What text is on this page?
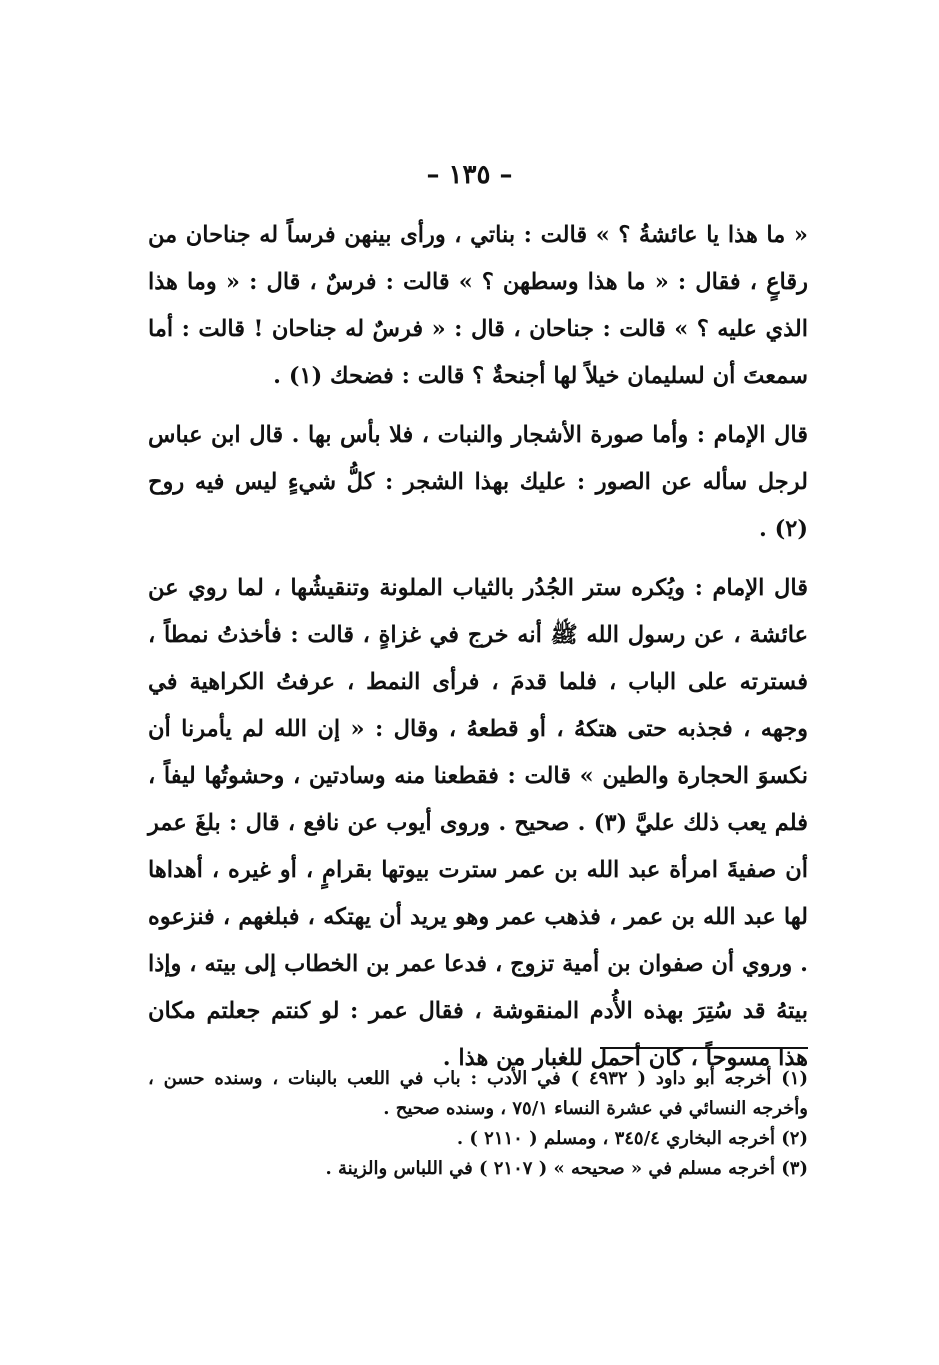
– ١٣٥ –

« ما هذا يا عائشةُ ؟ » قالت : بناتي ، ورأى بينهن فرساً له جناحان من رقاعٍ ، فقال : « ما هذا وسطهن ؟ » قالت : فرسٌ ، قال : « وما هذا الذي عليه ؟ » قالت : جناحان ، قال : « فرسٌ له جناحان ! قالت : أما سمعتَ أن لسليمان خيلاً لها أجنحةٌ ؟ قالت : فضحك (١) .

قال الإمام : وأما صورة الأشجار والنبات ، فلا بأس بها . قال ابن عباس لرجل سأله عن الصور : عليك بهذا الشجر : كلُّ شيءٍ ليس فيه روح (٢) .

قال الإمام : ويُكره ستر الجُدُر بالثياب الملونة وتنقيشُها ، لما روي عن عائشة ، عن رسول الله ﷺ أنه خرج في غزاةٍ ، قالت : فأخذتُ نمطاً ، فسترته على الباب ، فلما قدمَ ، فرأى النمط ، عرفتُ الكراهية في وجهه ، فجذبه حتى هتكهُ ، أو قطعهُ ، وقال : « إن الله لم يأمرنا أن نكسوَ الحجارة والطين » قالت : فقطعنا منه وسادتين ، وحشوتُها ليفاً ، فلم يعب ذلك عليَّ (٣) . صحيح . وروى أيوب عن نافع ، قال : بلغَ عمر أن صفيةَ امرأة عبد الله بن عمر سترت بيوتها بقرامٍ ، أو غيره ، أهداها لها عبد الله بن عمر ، فذهب عمر وهو يريد أن يهتكه ، فبلغهم ، فنزعوه . وروي أن صفوان بن أمية تزوج ، فدعا عمر بن الخطاب إلى بيته ، وإذا بيتهُ قد سُتِرَ بهذه الأُدم المنقوشة ، فقال عمر : لو كنتم جعلتم مكان هذا مسوحاً ، كان أحمل للغبار من هذا .

(١) أخرجه أبو داود ( ٤٩٣٢ ) في الأدب : باب في اللعب بالبنات ، وسنده حسن ، وأخرجه النسائي في عشرة النساء ٧٥/١ ، وسنده صحيح .

(٢) أخرجه البخاري ٣٤٥/٤ ، ومسلم ( ٢١١٠ ) .

(٣) أخرجه مسلم في « صحيحه » ( ٢١٠٧ ) في اللباس والزينة .
